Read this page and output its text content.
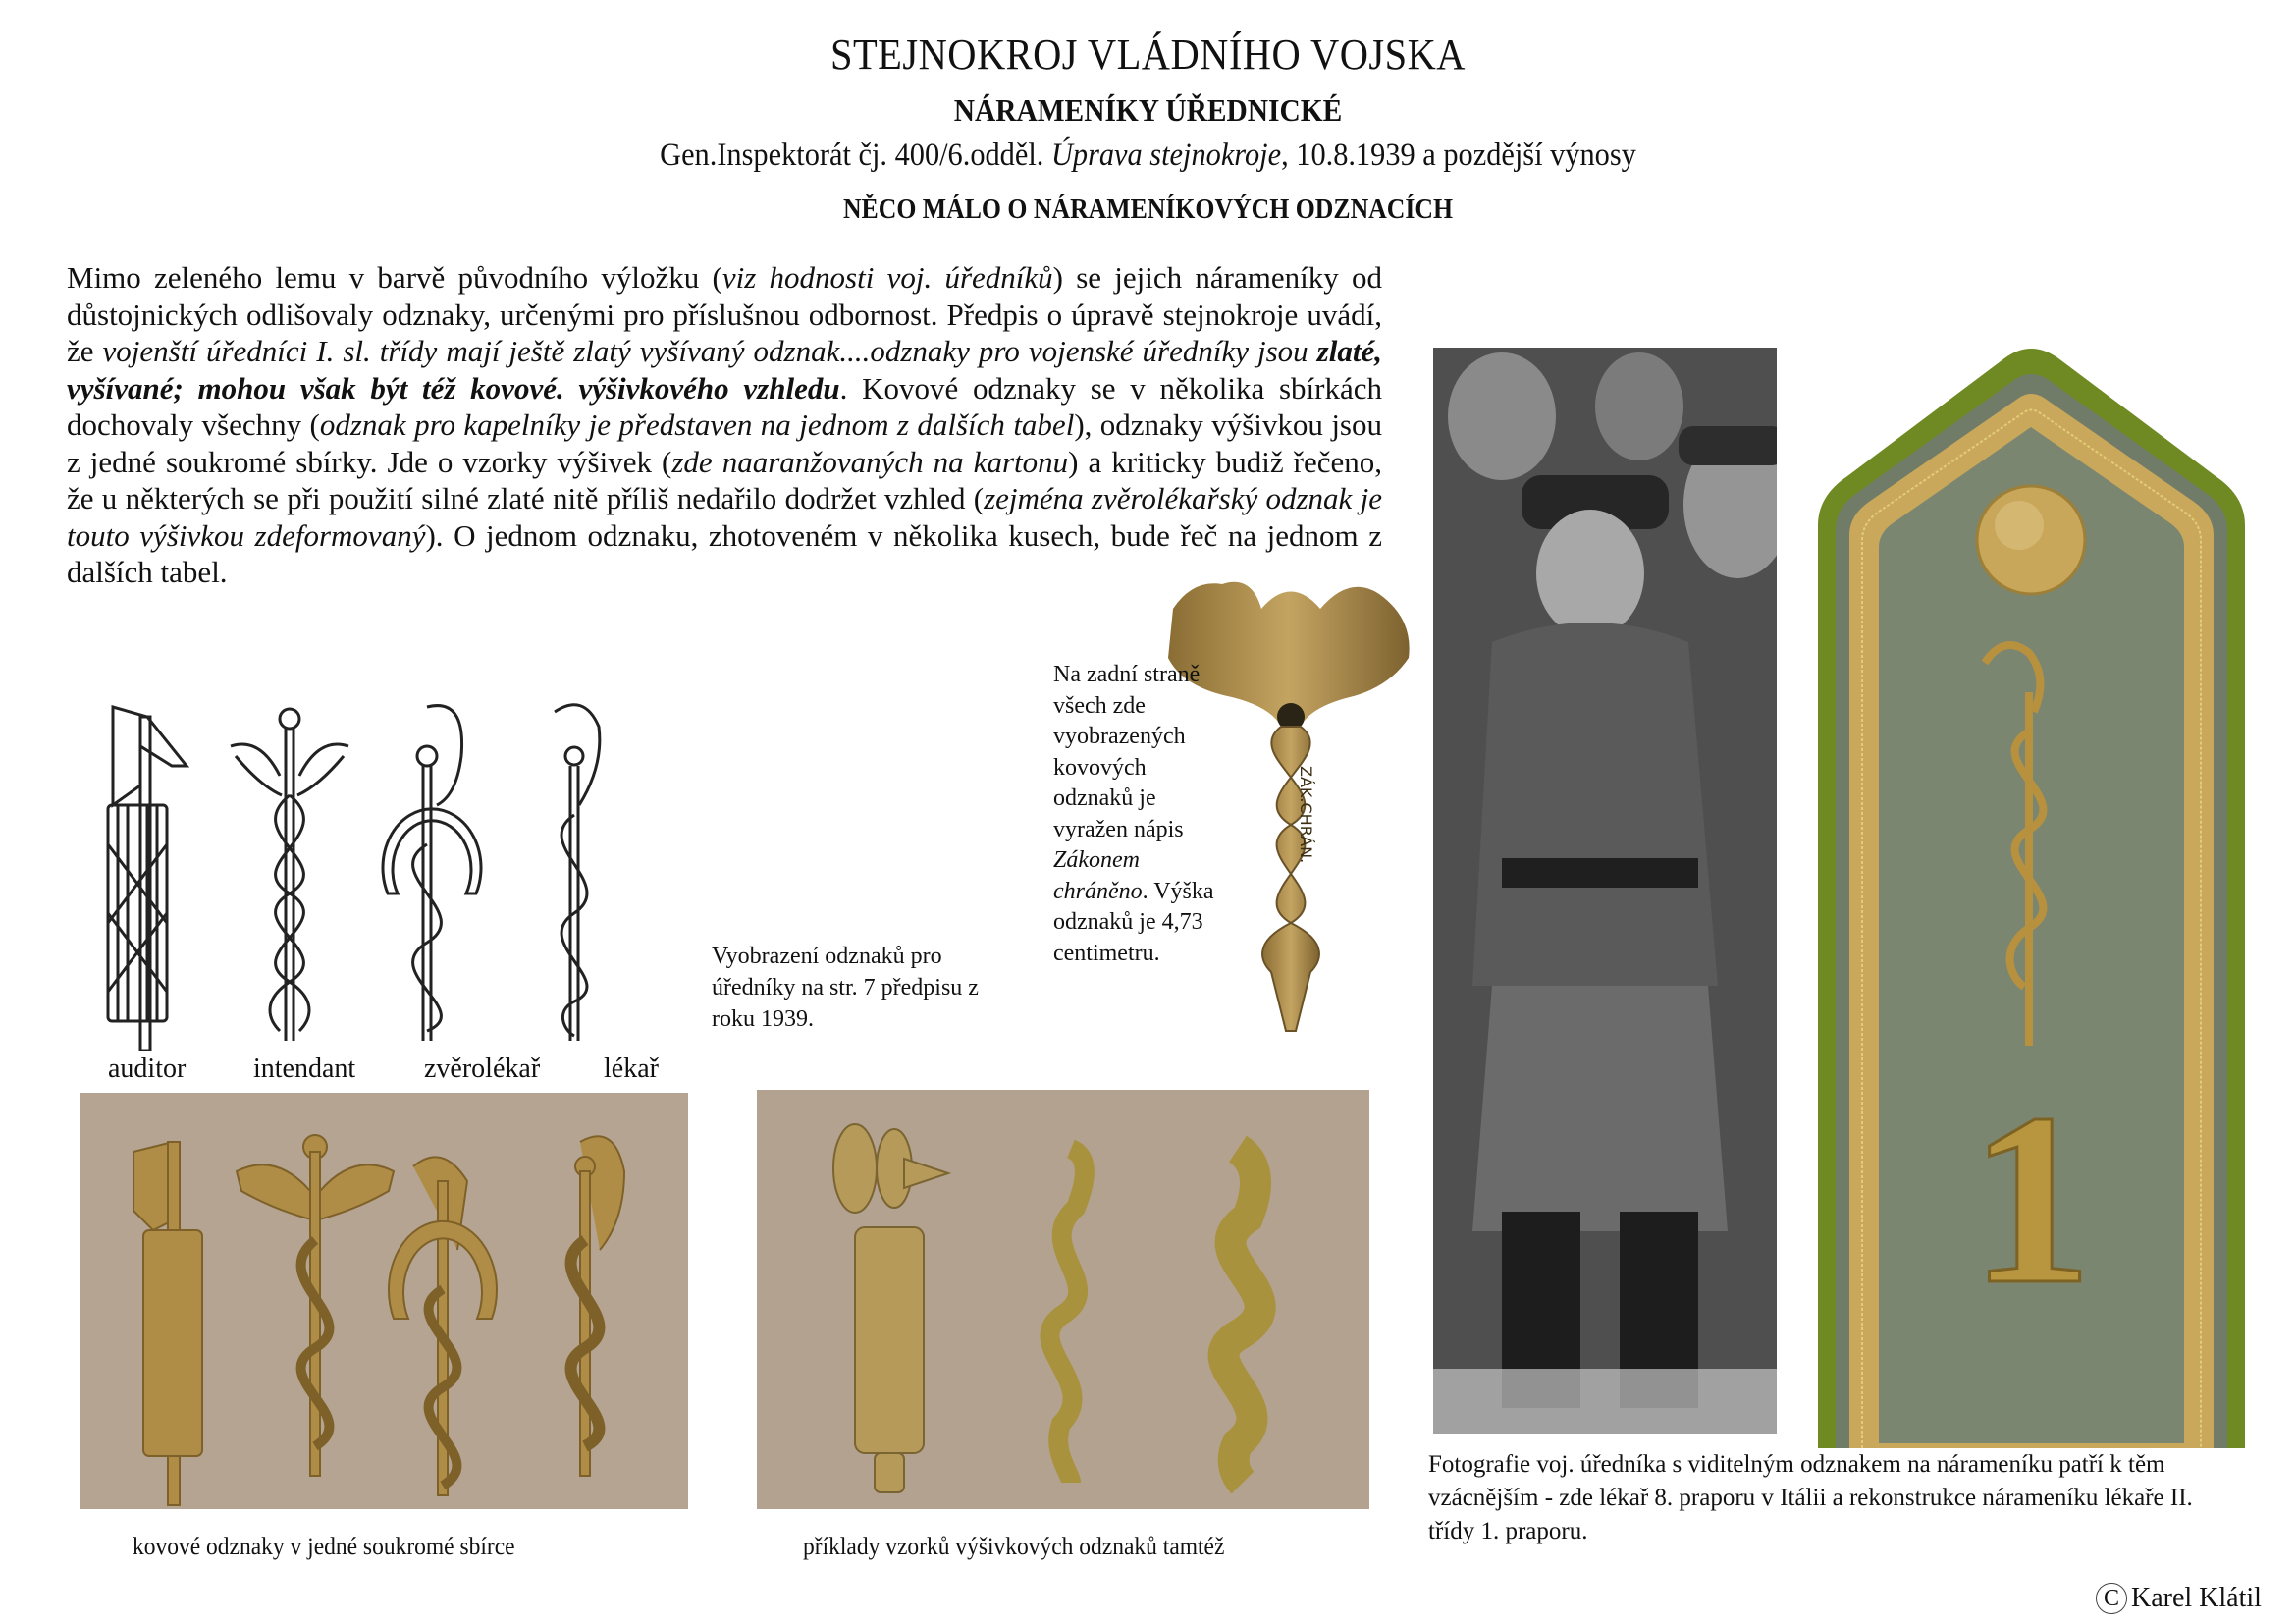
STEJNOKROJ VLÁDNÍHO VOJSKA
NÁRAMENÍKY ÚŘEDNICKÉ
Gen.Inspektorát čj. 400/6.odděl. Úprava stejnokroje, 10.8.1939 a pozdější výnosy
NĚCO MÁLO O NÁRAMENÍKOVÝCH ODZNACÍCH

Mimo zeleného lemu v barvě původního výložku (viz hodnosti voj. úředníků) se jejich nárameníky od důstojnických odlišovaly odznaky, určenými pro příslušnou odbornost. Předpis o úpravě stejnokroje uvádí, že vojenští úředníci I. sl. třídy mají ještě zlatý vyšívaný odznak....odznaky pro vojenské úředníky jsou zlaté, vyšívané; mohou však být též kovové. výšivkového vzhledu. Kovové odznaky se v několika sbírkách dochovaly všechny (odznak pro kapelníky je představen na jednom z dalších tabel), odznaky výšivkou jsou z jedné soukromé sbírky. Jde o vzorky výšivek (zde naaranžovaných na kartonu) a kriticky budiž řečeno, že u některých se při použití silné zlaté nitě příliš nedařilo dodržet vzhled (zejména zvěrolékařský odznak je touto výšivkou zdeformovaný). O jednom odznaku, zhotoveném v několika kusech, bude řeč na jednom z dalších tabel.

auditor intendant zvěrolékař lékař
Vyobrazení odznaků pro úředníky na str. 7 předpisu z roku 1939.
ZÁK.CHRÁN.
Na zadní straně všech zde vyobrazených kovových odznaků je vyražen nápis Zákonem chráněno. Výška odznaků je 4,73 centimetru.
Fotografie voj. úředníka s viditelným odznakem na nárameníku patří k těm vzácnějším - zde lékař 8. praporu v Itálii a rekonstrukce nárameníku lékaře II. třídy 1. praporu.
1
kovové odznaky v jedné soukromé sbírce	příklady vzorků výšivkových odznaků tamtéž
C Karel Klátil
